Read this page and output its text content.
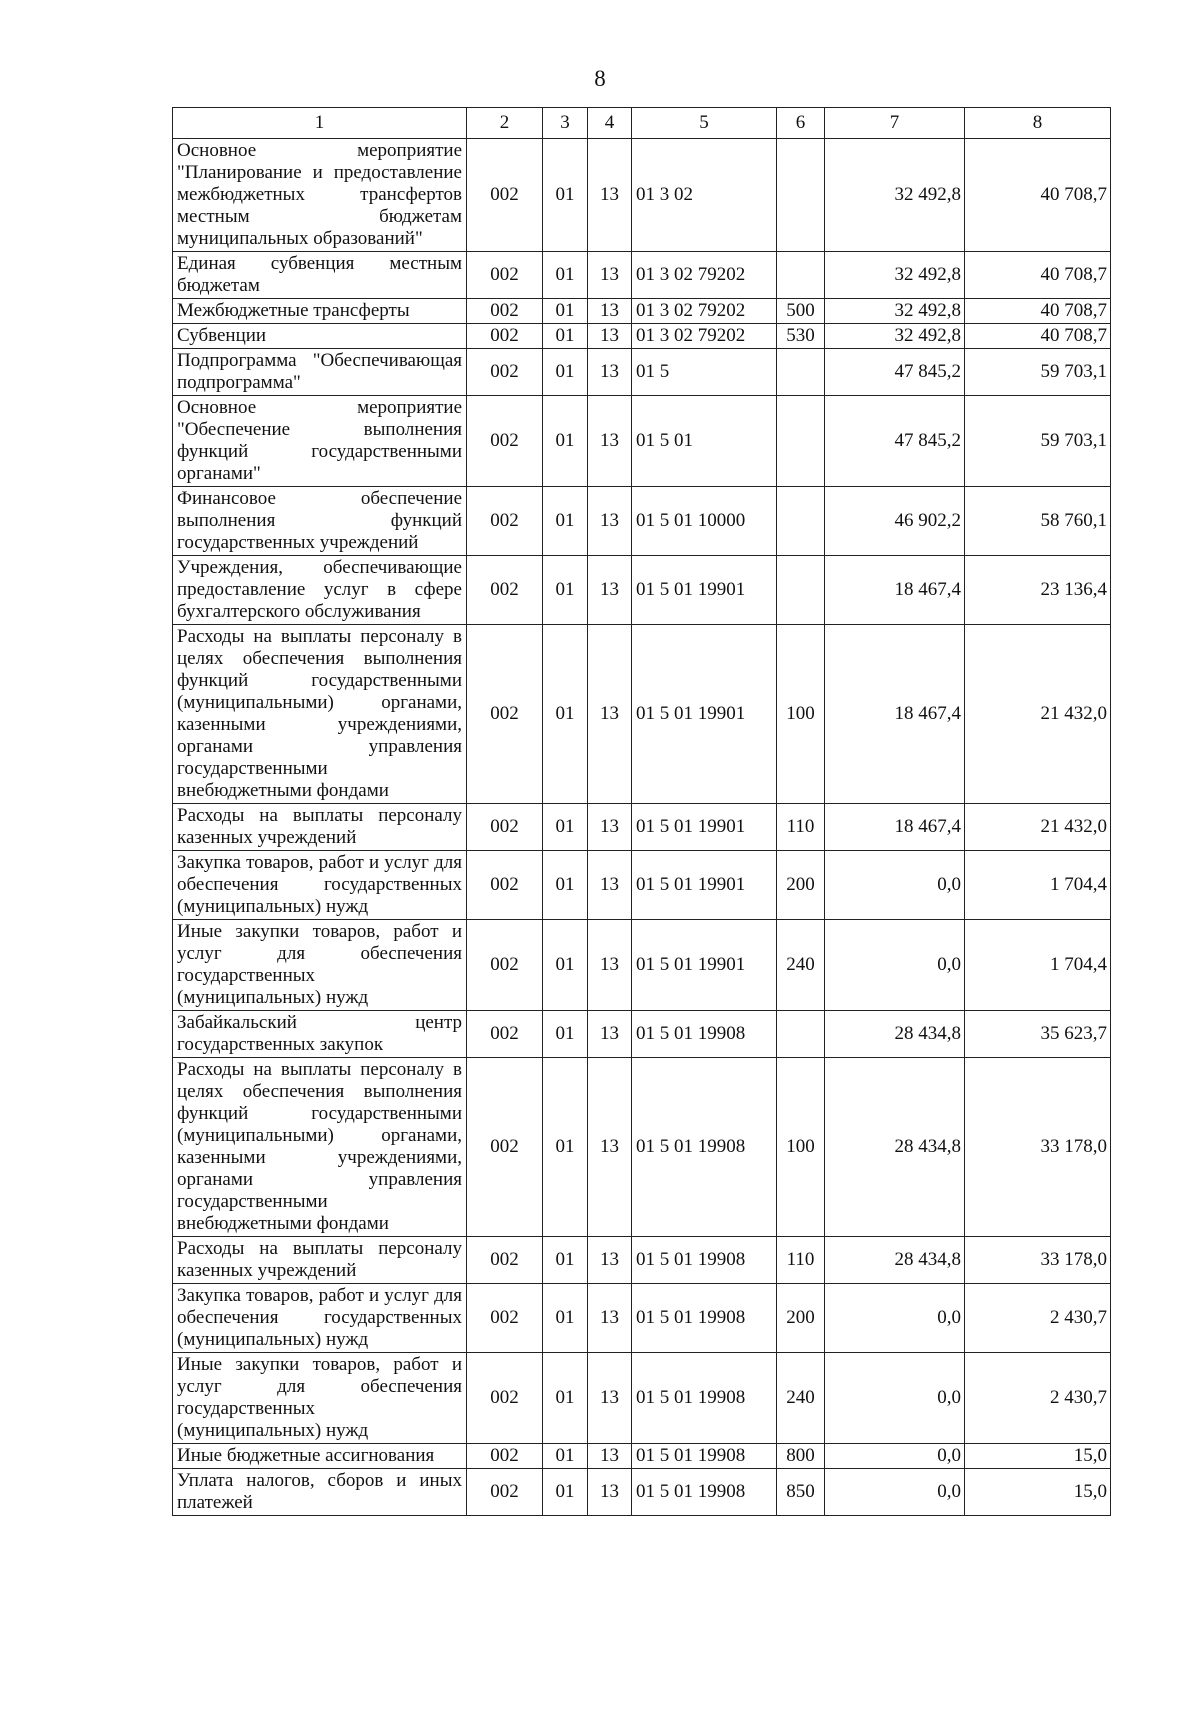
8
1	2	3	4	5	6	7	8
Основное мероприятие "Планирование и предоставление межбюджетных трансфертов местным бюджетам муниципальных образований"	002	01	13	01 3 02		32 492,8	40 708,7
Единая субвенция местным бюджетам	002	01	13	01 3 02 79202		32 492,8	40 708,7
Межбюджетные трансферты	002	01	13	01 3 02 79202	500	32 492,8	40 708,7
Субвенции	002	01	13	01 3 02 79202	530	32 492,8	40 708,7
Подпрограмма "Обеспечивающая подпрограмма"	002	01	13	01 5		47 845,2	59 703,1
Основное мероприятие "Обеспечение выполнения функций государственными органами"	002	01	13	01 5 01		47 845,2	59 703,1
Финансовое обеспечение выполнения функций государственных учреждений	002	01	13	01 5 01 10000		46 902,2	58 760,1
Учреждения, обеспечивающие предоставление услуг в сфере бухгалтерского обслуживания	002	01	13	01 5 01 19901		18 467,4	23 136,4
Расходы на выплаты персоналу в целях обеспечения выполнения функций государственными (муниципальными) органами, казенными учреждениями, органами управления государственными внебюджетными фондами	002	01	13	01 5 01 19901	100	18 467,4	21 432,0
Расходы на выплаты персоналу казенных учреждений	002	01	13	01 5 01 19901	110	18 467,4	21 432,0
Закупка товаров, работ и услуг для обеспечения государственных (муниципальных) нужд	002	01	13	01 5 01 19901	200	0,0	1 704,4
Иные закупки товаров, работ и услуг для обеспечения государственных (муниципальных) нужд	002	01	13	01 5 01 19901	240	0,0	1 704,4
Забайкальский центр государственных закупок	002	01	13	01 5 01 19908		28 434,8	35 623,7
Расходы на выплаты персоналу в целях обеспечения выполнения функций государственными (муниципальными) органами, казенными учреждениями, органами управления государственными внебюджетными фондами	002	01	13	01 5 01 19908	100	28 434,8	33 178,0
Расходы на выплаты персоналу казенных учреждений	002	01	13	01 5 01 19908	110	28 434,8	33 178,0
Закупка товаров, работ и услуг для обеспечения государственных (муниципальных) нужд	002	01	13	01 5 01 19908	200	0,0	2 430,7
Иные закупки товаров, работ и услуг для обеспечения государственных (муниципальных) нужд	002	01	13	01 5 01 19908	240	0,0	2 430,7
Иные бюджетные ассигнования	002	01	13	01 5 01 19908	800	0,0	15,0
Уплата налогов, сборов и иных платежей	002	01	13	01 5 01 19908	850	0,0	15,0
